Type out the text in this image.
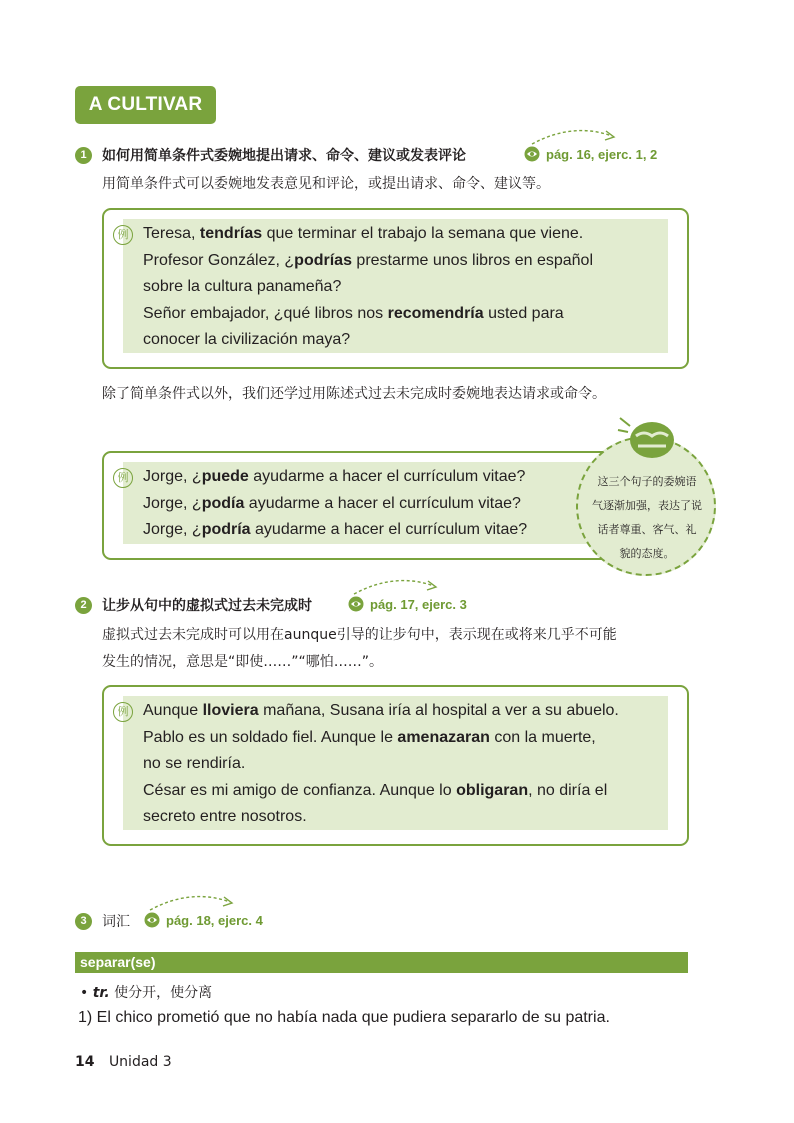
A CULTIVAR
1	如何用简单条件式委婉地提出请求、命令、建议或发表评论	pág. 16, ejerc. 1, 2
用简单条件式可以委婉地发表意见和评论，或提出请求、命令、建议等。
例 Teresa, tendrías que terminar el trabajo la semana que viene.
Profesor González, ¿podrías prestarme unos libros en español
sobre la cultura panameña?
Señor embajador, ¿qué libros nos recomendría usted para
conocer la civilización maya?
除了简单条件式以外，我们还学过用陈述式过去未完成时委婉地表达请求或命令。
例 Jorge, ¿puede ayudarme a hacer el currículum vitae?
Jorge, ¿podía ayudarme a hacer el currículum vitae?
Jorge, ¿podría ayudarme a hacer el currículum vitae?
这三个句子的委婉语
气逐渐加强，表达了说
话者尊重、客气、礼
貌的态度。
2	让步从句中的虚拟式过去未完成时	pág. 17, ejerc. 3
虚拟式过去未完成时可以用在aunque引导的让步句中，表示现在或将来几乎不可能
发生的情况，意思是“即使……”“哪怕……”。
例 Aunque lloviera mañana, Susana iría al hospital a ver a su abuelo.
Pablo es un soldado fiel. Aunque le amenazaran con la muerte,
no se rendiría.
César es mi amigo de confianza. Aunque lo obligaran, no diría el
secreto entre nosotros.
3	词汇	pág. 18, ejerc. 4
separar(se)
• tr. 使分开，使分离
1) El chico prometió que no había nada que pudiera separarlo de su patria.
14 Unidad 3
